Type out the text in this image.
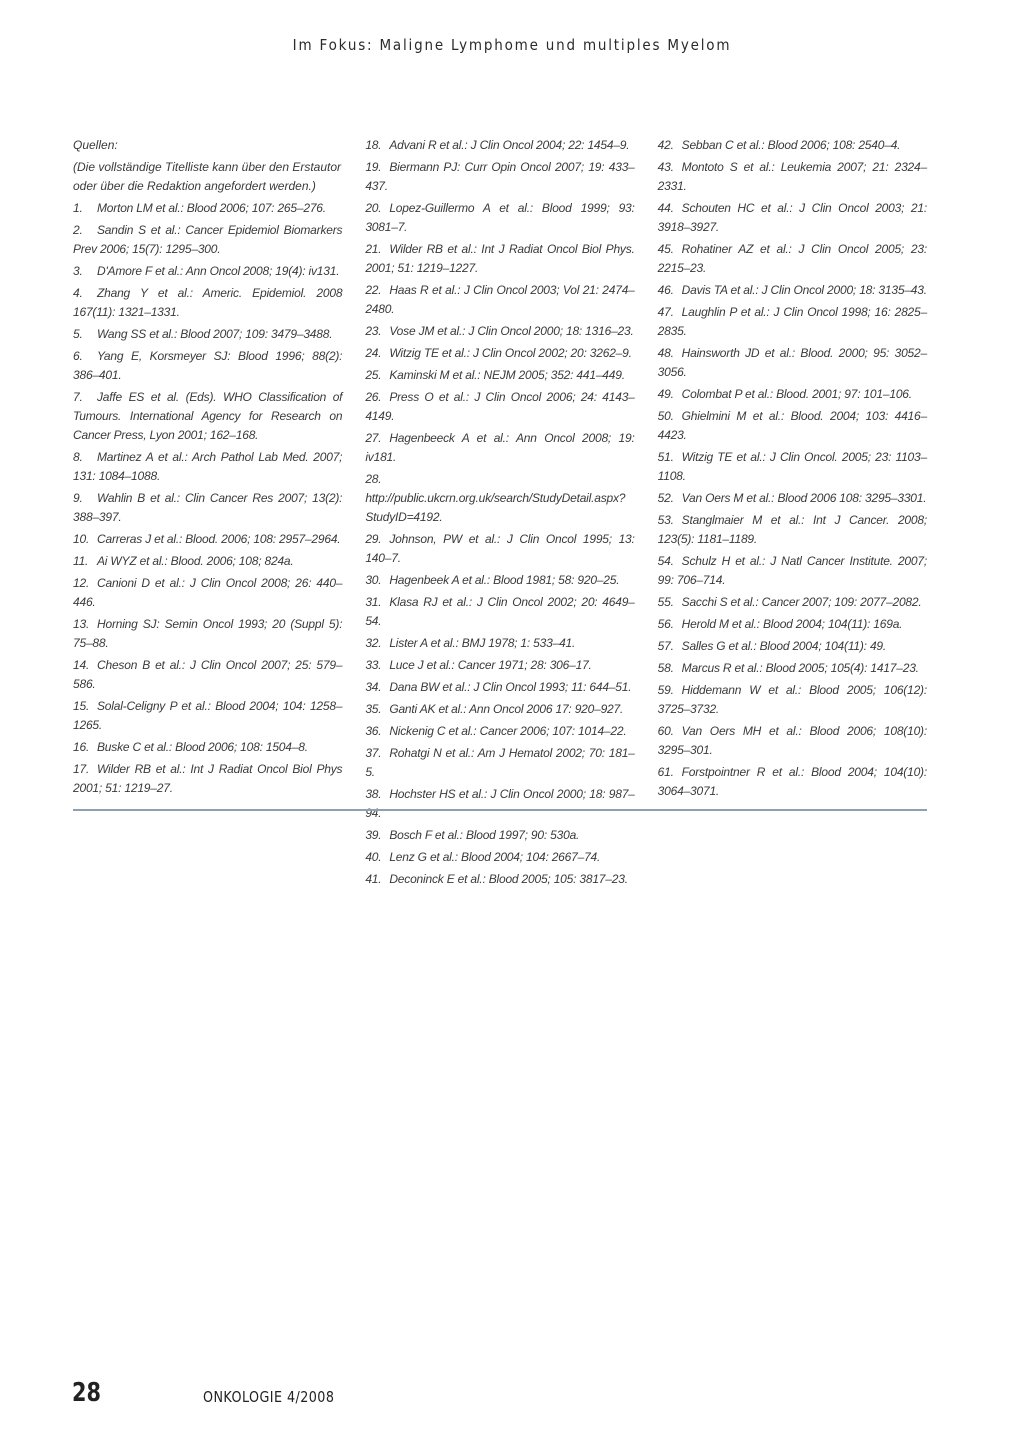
Im Fokus: Maligne Lymphome und multiples Myelom
Quellen:
(Die vollständige Titelliste kann über den Erstautor oder über die Redaktion angefordert werden.)
1. Morton LM et al.: Blood 2006; 107: 265–276.
2. Sandin S et al.: Cancer Epidemiol Biomarkers Prev 2006; 15(7): 1295–300.
3. D'Amore F et al.: Ann Oncol 2008; 19(4): iv131.
4. Zhang Y et al.: Americ. Epidemiol. 2008 167(11): 1321–1331.
5. Wang SS et al.: Blood 2007; 109: 3479–3488.
6. Yang E, Korsmeyer SJ: Blood 1996; 88(2): 386–401.
7. Jaffe ES et al. (Eds). WHO Classification of Tumours. International Agency for Research on Cancer Press, Lyon 2001; 162–168.
8. Martinez A et al.: Arch Pathol Lab Med. 2007; 131: 1084–1088.
9. Wahlin B et al.: Clin Cancer Res 2007; 13(2): 388–397.
10. Carreras J et al.: Blood. 2006; 108: 2957–2964.
11. Ai WYZ et al.: Blood. 2006; 108; 824a.
12. Canioni D et al.: J Clin Oncol 2008; 26: 440–446.
13. Horning SJ: Semin Oncol 1993; 20 (Suppl 5): 75–88.
14. Cheson B et al.: J Clin Oncol 2007; 25: 579–586.
15. Solal-Celigny P et al.: Blood 2004; 104: 1258–1265.
16. Buske C et al.: Blood 2006; 108: 1504–8.
17. Wilder RB et al.: Int J Radiat Oncol Biol Phys 2001; 51: 1219–27.
18. Advani R et al.: J Clin Oncol 2004; 22: 1454–9.
19. Biermann PJ: Curr Opin Oncol 2007; 19: 433–437.
20. Lopez-Guillermo A et al.: Blood 1999; 93: 3081–7.
21. Wilder RB et al.: Int J Radiat Oncol Biol Phys. 2001; 51: 1219–1227.
22. Haas R et al.: J Clin Oncol 2003; Vol 21: 2474–2480.
23. Vose JM et al.: J Clin Oncol 2000; 18: 1316–23.
24. Witzig TE et al.: J Clin Oncol 2002; 20: 3262–9.
25. Kaminski M et al.: NEJM 2005; 352: 441–449.
26. Press O et al.: J Clin Oncol 2006; 24: 4143–4149.
27. Hagenbeeck A et al.: Ann Oncol 2008; 19: iv181.
28.http://public.ukcrn.org.uk/search/StudyDetail.aspx?StudyID=4192.
29. Johnson, PW et al.: J Clin Oncol 1995; 13: 140–7.
30. Hagenbeek A et al.: Blood 1981; 58: 920–25.
31. Klasa RJ et al.: J Clin Oncol 2002; 20: 4649–54.
32. Lister A et al.: BMJ 1978; 1: 533–41.
33. Luce J et al.: Cancer 1971; 28: 306–17.
34. Dana BW et al.: J Clin Oncol 1993; 11: 644–51.
35. Ganti AK et al.: Ann Oncol 2006 17: 920–927.
36. Nickenig C et al.: Cancer 2006; 107: 1014–22.
37. Rohatgi N et al.: Am J Hematol 2002; 70: 181–5.
38. Hochster HS et al.: J Clin Oncol 2000; 18: 987–94.
39. Bosch F et al.: Blood 1997; 90: 530a.
40. Lenz G et al.: Blood 2004; 104: 2667–74.
41. Deconinck E et al.: Blood 2005; 105: 3817–23.
42. Sebban C et al.: Blood 2006; 108: 2540–4.
43. Montoto S et al.: Leukemia 2007; 21: 2324–2331.
44. Schouten HC et al.: J Clin Oncol 2003; 21: 3918–3927.
45. Rohatiner AZ et al.: J Clin Oncol 2005; 23: 2215–23.
46. Davis TA et al.: J Clin Oncol 2000; 18: 3135–43.
47. Laughlin P et al.: J Clin Oncol 1998; 16: 2825–2835.
48. Hainsworth JD et al.: Blood. 2000; 95: 3052–3056.
49. Colombat P et al.: Blood. 2001; 97: 101–106.
50. Ghielmini M et al.: Blood. 2004; 103: 4416–4423.
51. Witzig TE et al.: J Clin Oncol. 2005; 23: 1103–1108.
52. Van Oers M et al.: Blood 2006 108: 3295–3301.
53. Stanglmaier M et al.: Int J Cancer. 2008; 123(5): 1181–1189.
54. Schulz H et al.: J Natl Cancer Institute. 2007; 99: 706–714.
55. Sacchi S et al.: Cancer 2007; 109: 2077–2082.
56. Herold M et al.: Blood 2004; 104(11): 169a.
57. Salles G et al.: Blood 2004; 104(11): 49.
58. Marcus R et al.: Blood 2005; 105(4): 1417–23.
59. Hiddemann W et al.: Blood 2005; 106(12): 3725–3732.
60. Van Oers MH et al.: Blood 2006; 108(10): 3295–301.
61. Forstpointner R et al.: Blood 2004; 104(10): 3064–3071.
28	ONKOLOGIE 4/2008
